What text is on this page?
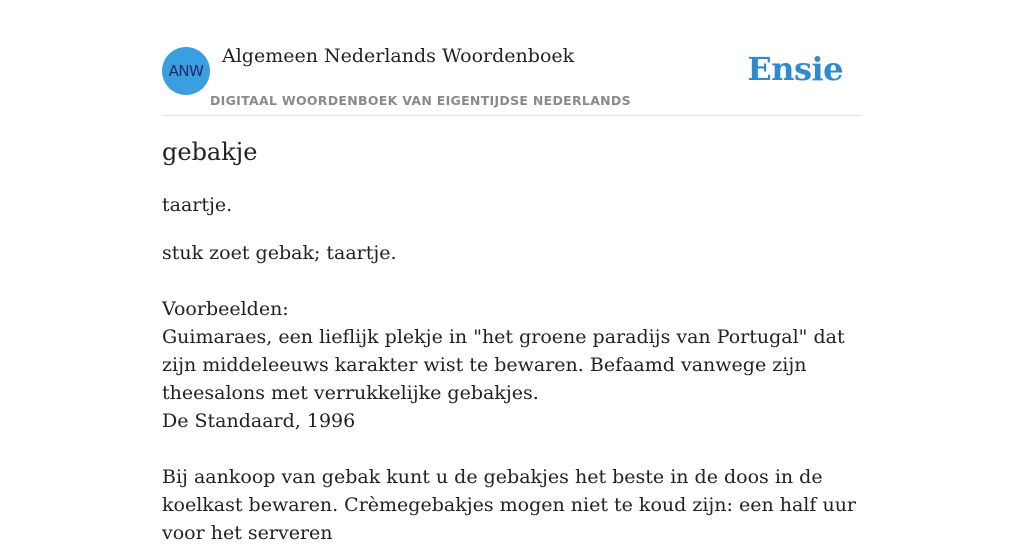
ANW
Algemeen Nederlands Woordenboek
DIGITAAL WOORDENBOEK VAN EIGENTIJDSE NEDERLANDS
Ensie
gebakje

taartje.

stuk zoet gebak; taartje.

Voorbeelden:

Guimaraes, een lieflijk plekje in "het groene paradijs van Portugal" dat zijn middeleeuws karakter wist te bewaren. Befaamd vanwege zijn theesalons met verrukkelijke gebakjes.

De Standaard, 1996

Bij aankoop van gebak kunt u de gebakjes het beste in de doos in de koelkast bewaren. Crèmegebakjes mogen niet te koud zijn: een half uur voor het serveren
